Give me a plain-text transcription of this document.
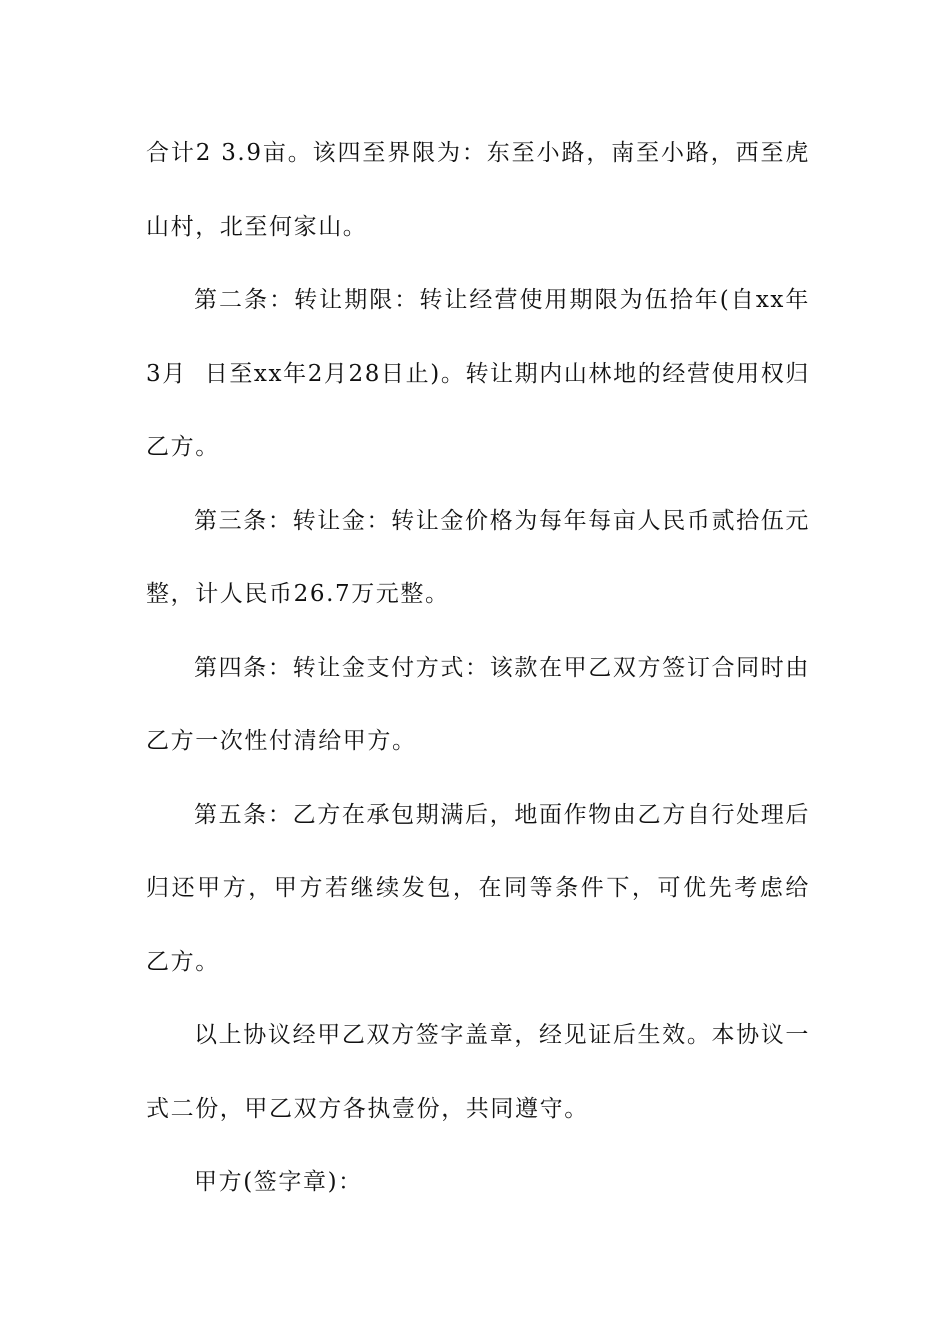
合计2 3.9亩。该四至界限为：东至小路，南至小路，西至虎山村，北至何家山。

第二条：转让期限：转让经营使用期限为伍拾年(自xx年3月  日至xx年2月28日止)。转让期内山林地的经营使用权归乙方。

第三条：转让金：转让金价格为每年每亩人民币贰拾伍元整，计人民币26.7万元整。

第四条：转让金支付方式：该款在甲乙双方签订合同时由乙方一次性付清给甲方。

第五条：乙方在承包期满后，地面作物由乙方自行处理后归还甲方，甲方若继续发包，在同等条件下，可优先考虑给乙方。

以上协议经甲乙双方签字盖章，经见证后生效。本协议一式二份，甲乙双方各执壹份，共同遵守。

甲方(签字章)：
